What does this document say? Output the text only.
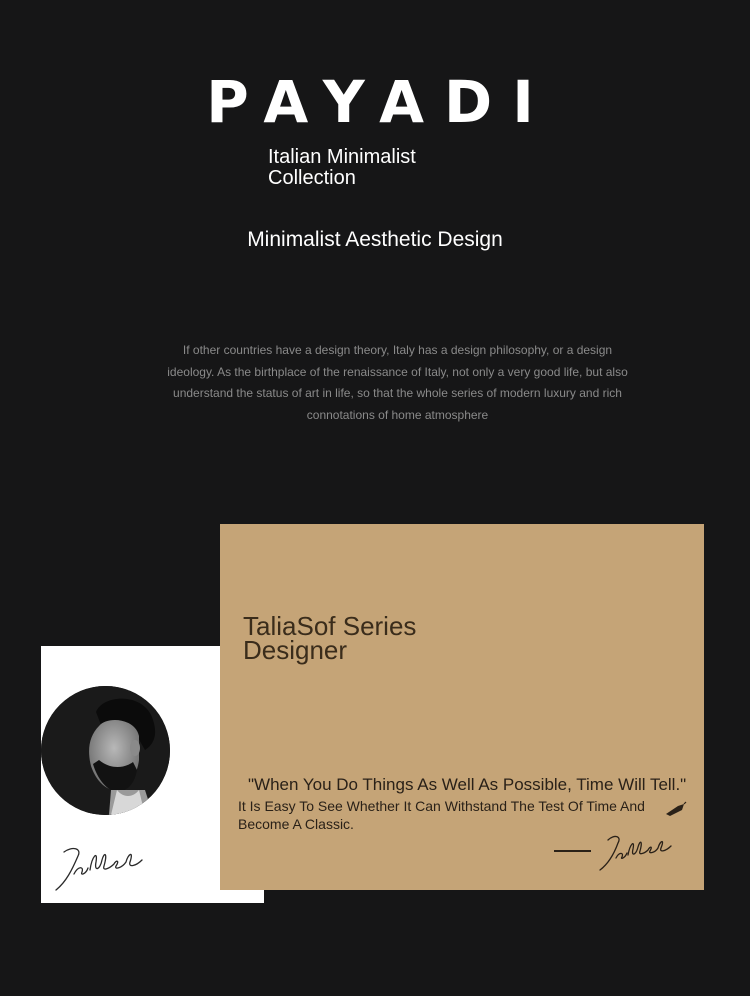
PAYADI
Italian Minimalist
Collection
Minimalist Aesthetic Design
If other countries have a design theory, Italy has a design philosophy, or a design ideology. As the birthplace of the renaissance of Italy, not only a very good life, but also understand the status of art in life, so that the whole series of modern luxury and rich connotations of home atmosphere
TaliaSof Series
Designer
"When You Do Things As Well As Possible, Time Will Tell."
It Is Easy To See Whether It Can Withstand The Test Of Time And Become A Classic.
